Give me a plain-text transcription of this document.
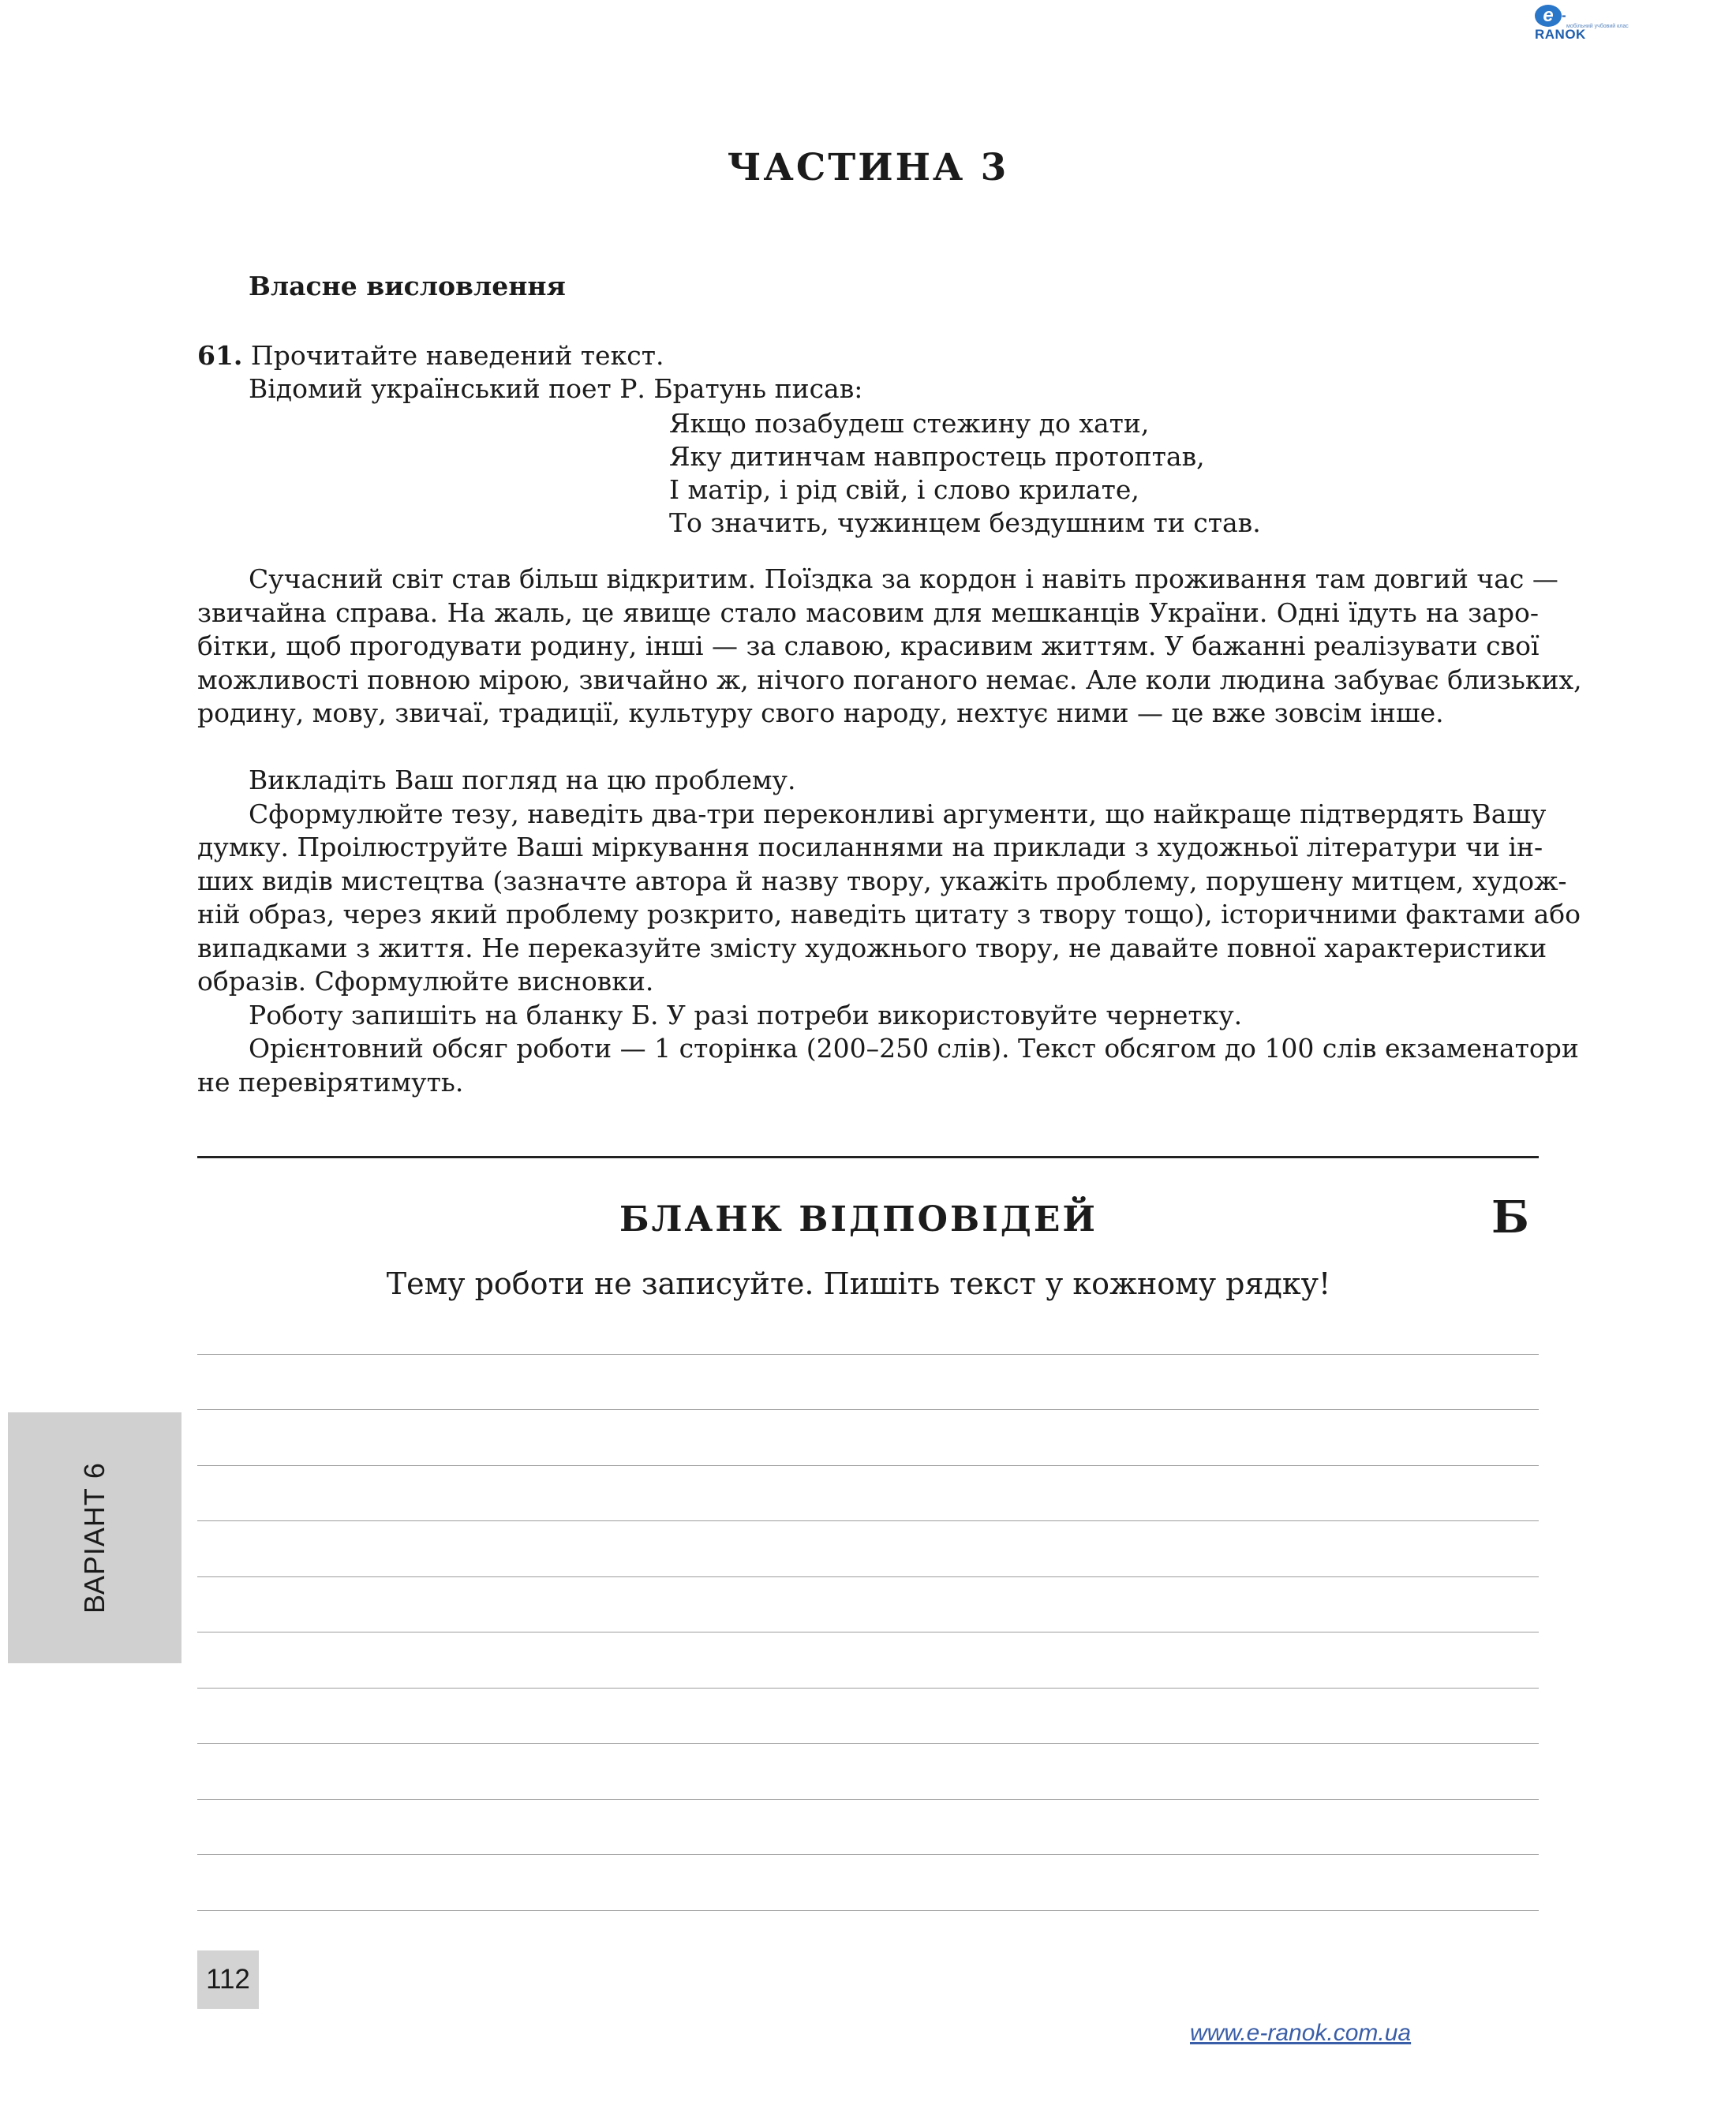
e -RANOK
мобільний учбовий клас
ЧАСТИНА 3
Власне висловлення
61. Прочитайте наведений текст.
Відомий український поет Р. Братунь писав:
Якщо позабудеш стежину до хати,
Яку дитинчам навпростець протоптав,
І матір, і рід свій, і слово крилате,
То значить, чужинцем бездушним ти став.
Сучасний світ став більш відкритим. Поїздка за кордон і навіть проживання там довгий час —
звичайна справа. На жаль, це явище стало масовим для мешканців України. Одні їдуть на заро-
бітки, щоб прогодувати родину, інші — за славою, красивим життям. У бажанні реалізувати свої
можливості повною мірою, звичайно ж, нічого поганого немає. Але коли людина забуває близьких,
родину, мову, звичаї, традиції, культуру свого народу, нехтує ними — це вже зовсім інше.
Викладіть Ваш погляд на цю проблему.
Сформулюйте тезу, наведіть два-три переконливі аргументи, що найкраще підтвердять Вашу
думку. Проілюструйте Ваші міркування посиланнями на приклади з художньої літератури чи ін-
ших видів мистецтва (зазначте автора й назву твору, укажіть проблему, порушену митцем, худож-
ній образ, через який проблему розкрито, наведіть цитату з твору тощо), історичними фактами або
випадками з життя. Не переказуйте змісту художнього твору, не давайте повної характеристики
образів. Сформулюйте висновки.
Роботу запишіть на бланку Б. У разі потреби використовуйте чернетку.
Орієнтовний обсяг роботи — 1 сторінка (200–250 слів). Текст обсягом до 100 слів екзаменатори
не перевірятимуть.
БЛАНК ВІДПОВІДЕЙ	Б
Тему роботи не записуйте. Пишіть текст у кожному рядку!
ВАРІАНТ 6
112
www.e-ranok.com.ua
